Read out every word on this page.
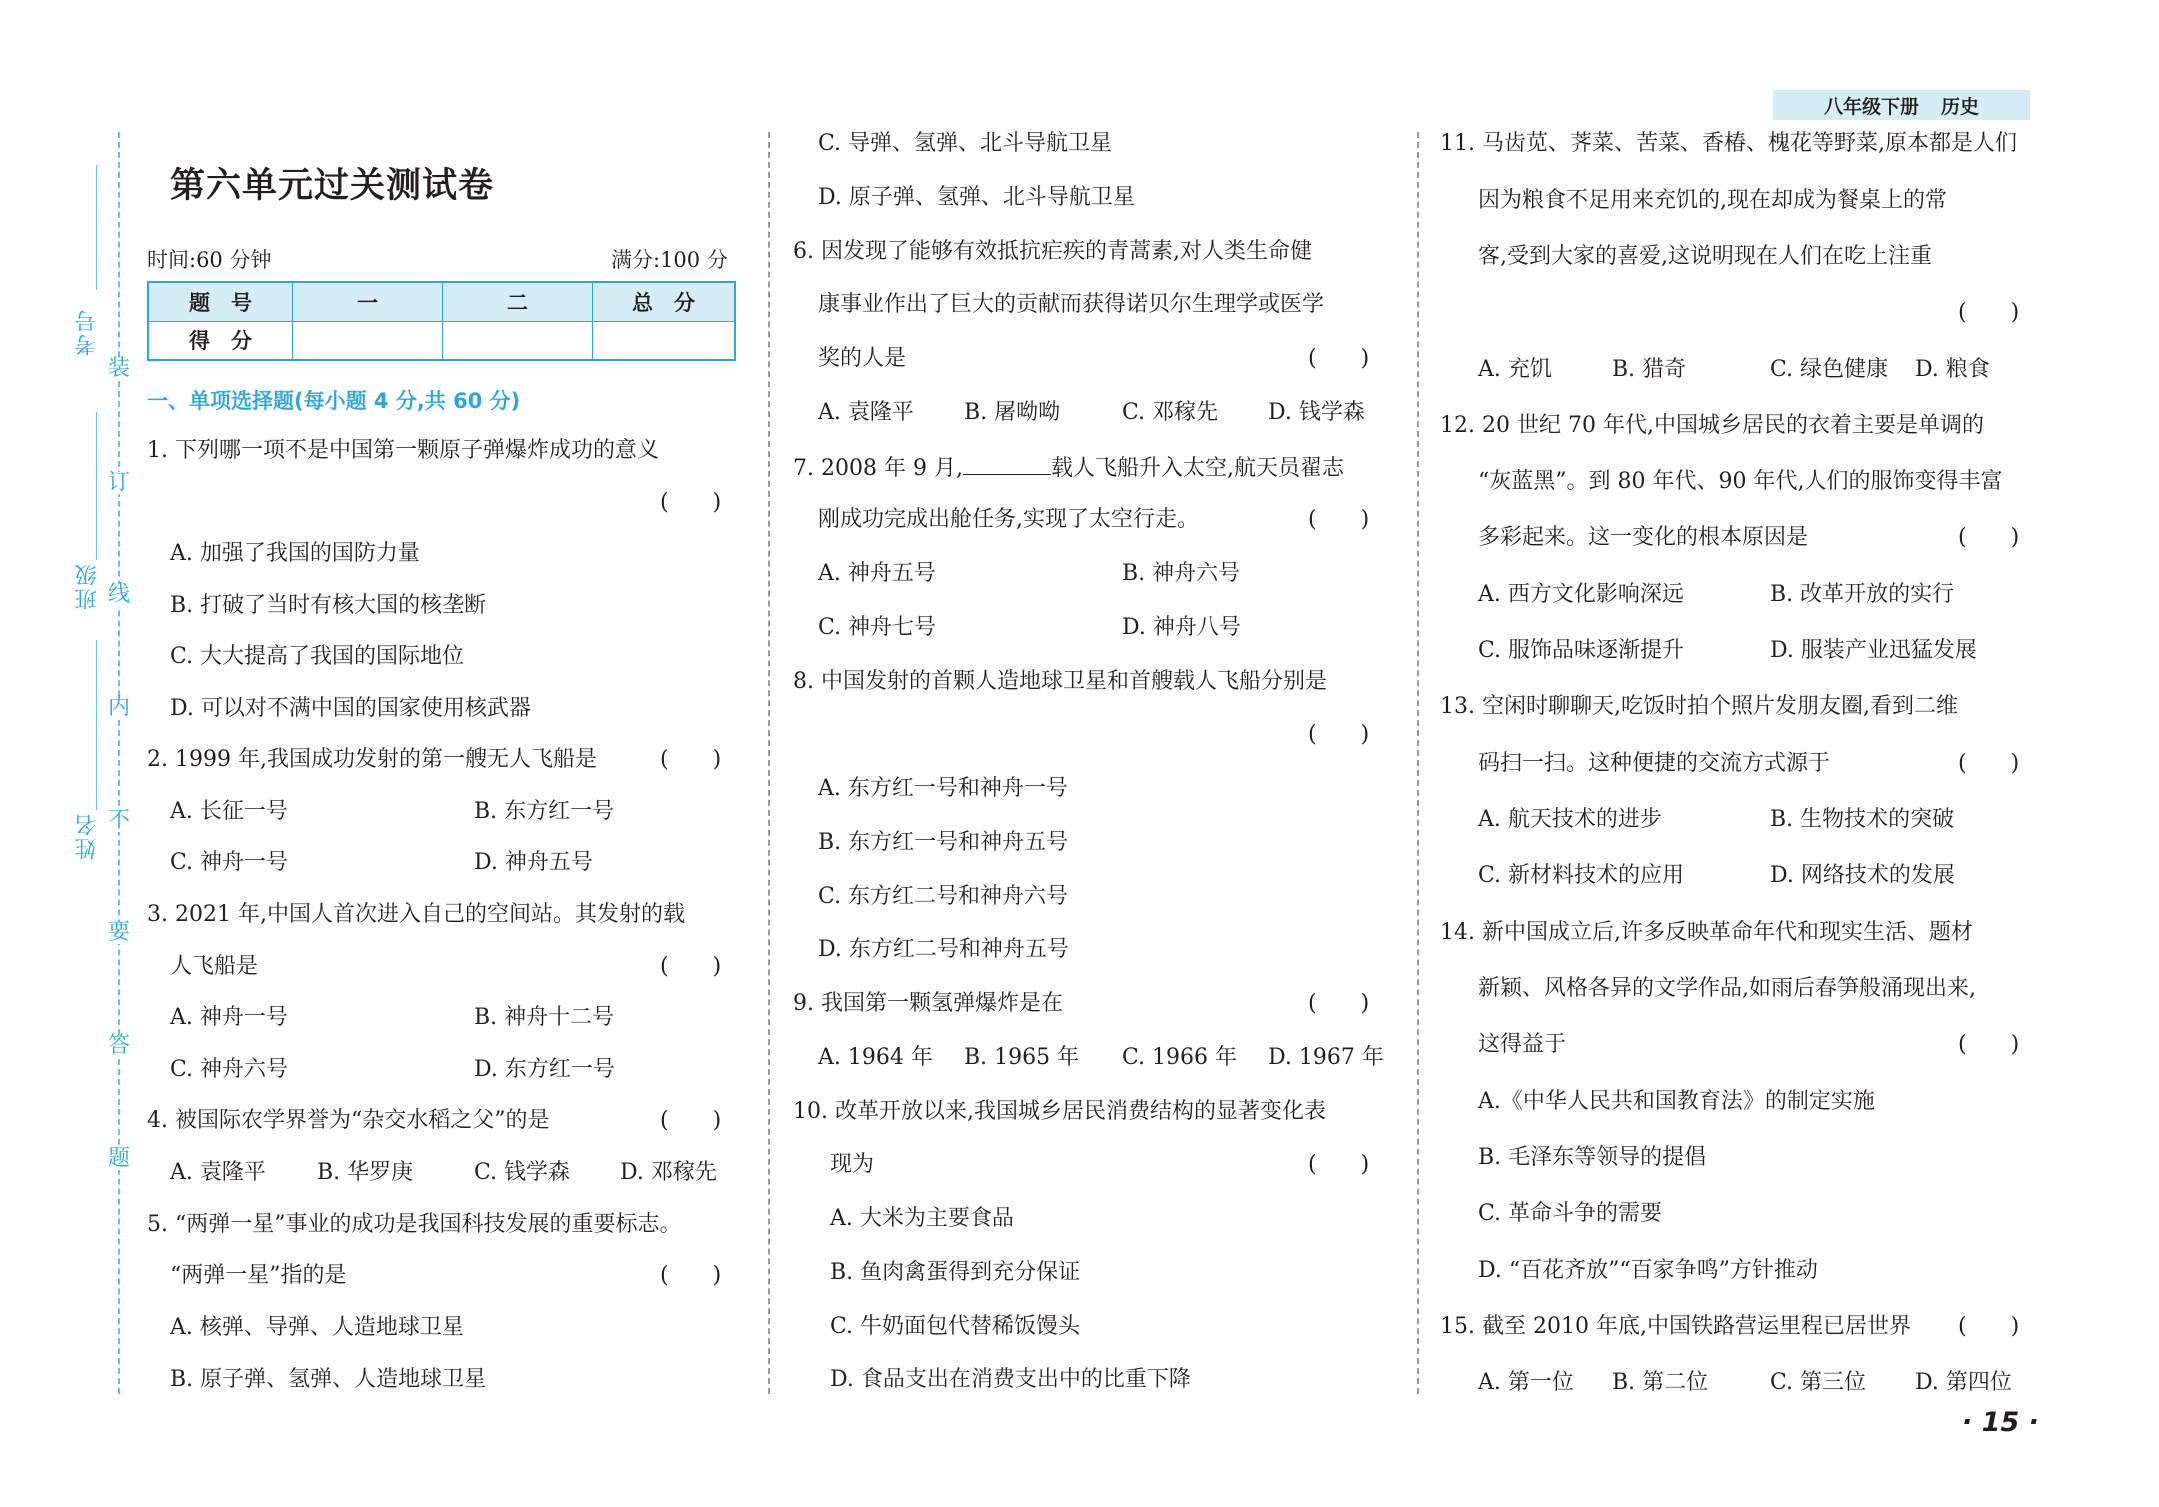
八年级下册 历史
考号
班级
姓名
装
订
线
内
不
要
答
题
第六单元过关测试卷
时间:60 分钟	满分:100 分
题　号	一	二	总　分
得　分			
一、单项选择题(每小题 4 分,共 60 分)
1. 下列哪一项不是中国第一颗原子弹爆炸成功的意义
(　　)
A. 加强了我国的国防力量
B. 打破了当时有核大国的核垄断
C. 大大提高了我国的国际地位
D. 可以对不满中国的国家使用核武器
2. 1999 年,我国成功发射的第一艘无人飞船是	(　　)
A. 长征一号	B. 东方红一号
C. 神舟一号	D. 神舟五号
3. 2021 年,中国人首次进入自己的空间站。其发射的载
人飞船是	(　　)
A. 神舟一号	B. 神舟十二号
C. 神舟六号	D. 东方红一号
4. 被国际农学界誉为“杂交水稻之父”的是	(　　)
A. 袁隆平 B. 华罗庚	C. 钱学森 D. 邓稼先
5. “两弹一星”事业的成功是我国科技发展的重要标志。
“两弹一星”指的是	(　　)
A. 核弹、导弹、人造地球卫星
B. 原子弹、氢弹、人造地球卫星
C. 导弹、氢弹、北斗导航卫星
D. 原子弹、氢弹、北斗导航卫星
6. 因发现了能够有效抵抗疟疾的青蒿素,对人类生命健
康事业作出了巨大的贡献而获得诺贝尔生理学或医学
奖的人是	(　　)
A. 袁隆平 B. 屠呦呦	C. 邓稼先 D. 钱学森
7. 2008 年 9 月,	载人飞船升入太空,航天员翟志
刚成功完成出舱任务,实现了太空行走。	(　　)
A. 神舟五号	B. 神舟六号
C. 神舟七号	D. 神舟八号
8. 中国发射的首颗人造地球卫星和首艘载人飞船分别是
(　　)
A. 东方红一号和神舟一号
B. 东方红一号和神舟五号
C. 东方红二号和神舟六号
D. 东方红二号和神舟五号
9. 我国第一颗氢弹爆炸是在	(　　)
A. 1964 年 B. 1965 年 C. 1966 年 D. 1967 年
10. 改革开放以来,我国城乡居民消费结构的显著变化表
现为	(　　)
A. 大米为主要食品
B. 鱼肉禽蛋得到充分保证
C. 牛奶面包代替稀饭馒头
D. 食品支出在消费支出中的比重下降
11. 马齿苋、荠菜、苦菜、香椿、槐花等野菜,原本都是人们
因为粮食不足用来充饥的,现在却成为餐桌上的常
客,受到大家的喜爱,这说明现在人们在吃上注重
(　　)
A. 充饥	B. 猎奇	C. 绿色健康 D. 粮食
12. 20 世纪 70 年代,中国城乡居民的衣着主要是单调的
“灰蓝黑”。到 80 年代、90 年代,人们的服饰变得丰富
多彩起来。这一变化的根本原因是	(　　)
A. 西方文化影响深远	B. 改革开放的实行
C. 服饰品味逐渐提升	D. 服装产业迅猛发展
13. 空闲时聊聊天,吃饭时拍个照片发朋友圈,看到二维
码扫一扫。这种便捷的交流方式源于	(　　)
A. 航天技术的进步	B. 生物技术的突破
C. 新材料技术的应用	D. 网络技术的发展
14. 新中国成立后,许多反映革命年代和现实生活、题材
新颖、风格各异的文学作品,如雨后春笋般涌现出来,
这得益于	(　　)
A.《中华人民共和国教育法》的制定实施
B. 毛泽东等领导的提倡
C. 革命斗争的需要
D. “百花齐放”“百家争鸣”方针推动
15. 截至 2010 年底,中国铁路营运里程已居世界 (　　)
A. 第一位 B. 第二位	C. 第三位 D. 第四位
· 15 ·
